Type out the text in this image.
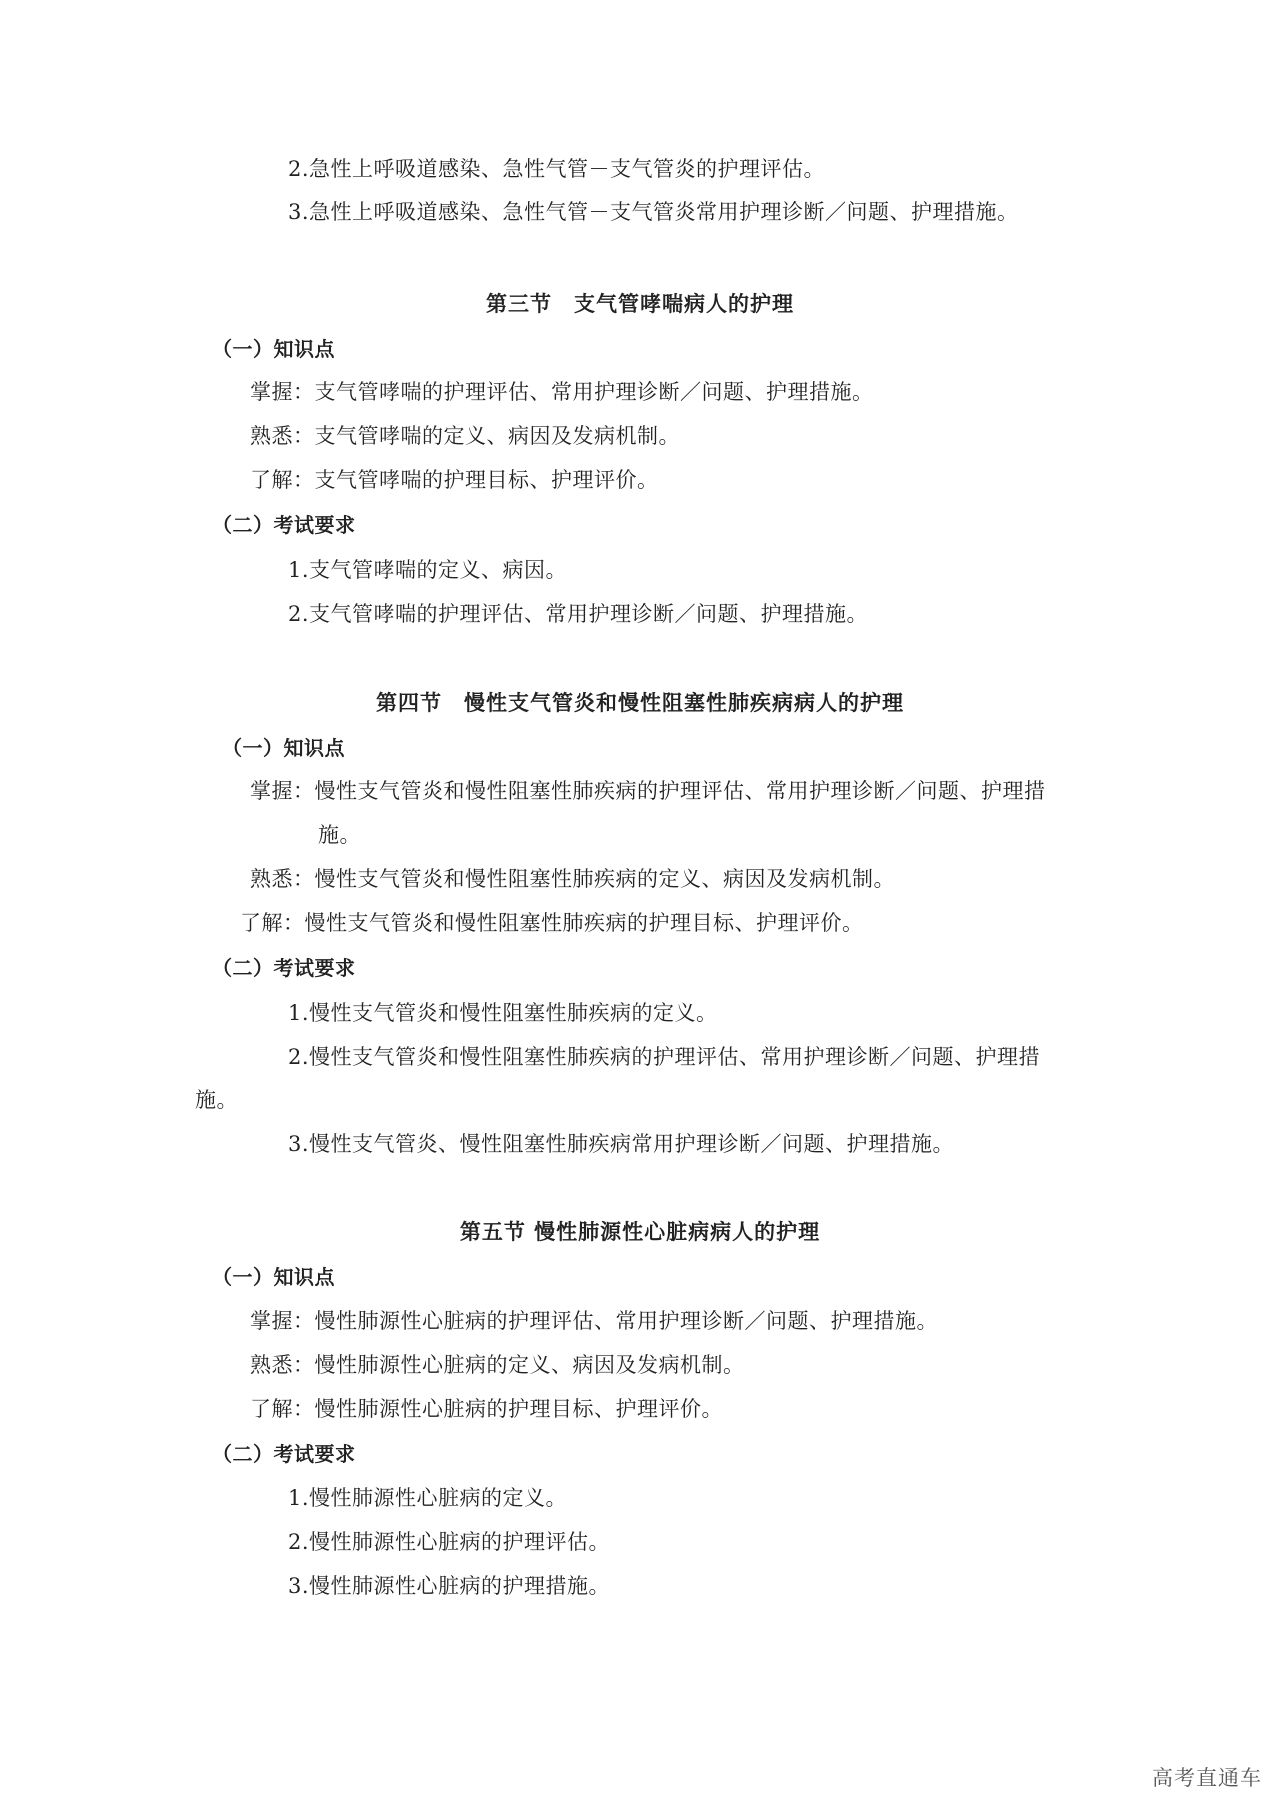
2.急性上呼吸道感染、急性气管－支气管炎的护理评估。
3.急性上呼吸道感染、急性气管－支气管炎常用护理诊断／问题、护理措施。
第三节　支气管哮喘病人的护理
（一）知识点
掌握：支气管哮喘的护理评估、常用护理诊断／问题、护理措施。
熟悉：支气管哮喘的定义、病因及发病机制。
了解：支气管哮喘的护理目标、护理评价。
（二）考试要求
1.支气管哮喘的定义、病因。
2.支气管哮喘的护理评估、常用护理诊断／问题、护理措施。
第四节　慢性支气管炎和慢性阻塞性肺疾病病人的护理
（一）知识点
掌握：慢性支气管炎和慢性阻塞性肺疾病的护理评估、常用护理诊断／问题、护理措
施。
熟悉：慢性支气管炎和慢性阻塞性肺疾病的定义、病因及发病机制。
了解：慢性支气管炎和慢性阻塞性肺疾病的护理目标、护理评价。
（二）考试要求
1.慢性支气管炎和慢性阻塞性肺疾病的定义。
2.慢性支气管炎和慢性阻塞性肺疾病的护理评估、常用护理诊断／问题、护理措
施。
3.慢性支气管炎、慢性阻塞性肺疾病常用护理诊断／问题、护理措施。
第五节 慢性肺源性心脏病病人的护理
（一）知识点
掌握：慢性肺源性心脏病的护理评估、常用护理诊断／问题、护理措施。
熟悉：慢性肺源性心脏病的定义、病因及发病机制。
了解：慢性肺源性心脏病的护理目标、护理评价。
（二）考试要求
1.慢性肺源性心脏病的定义。
2.慢性肺源性心脏病的护理评估。
3.慢性肺源性心脏病的护理措施。
高考直通车
